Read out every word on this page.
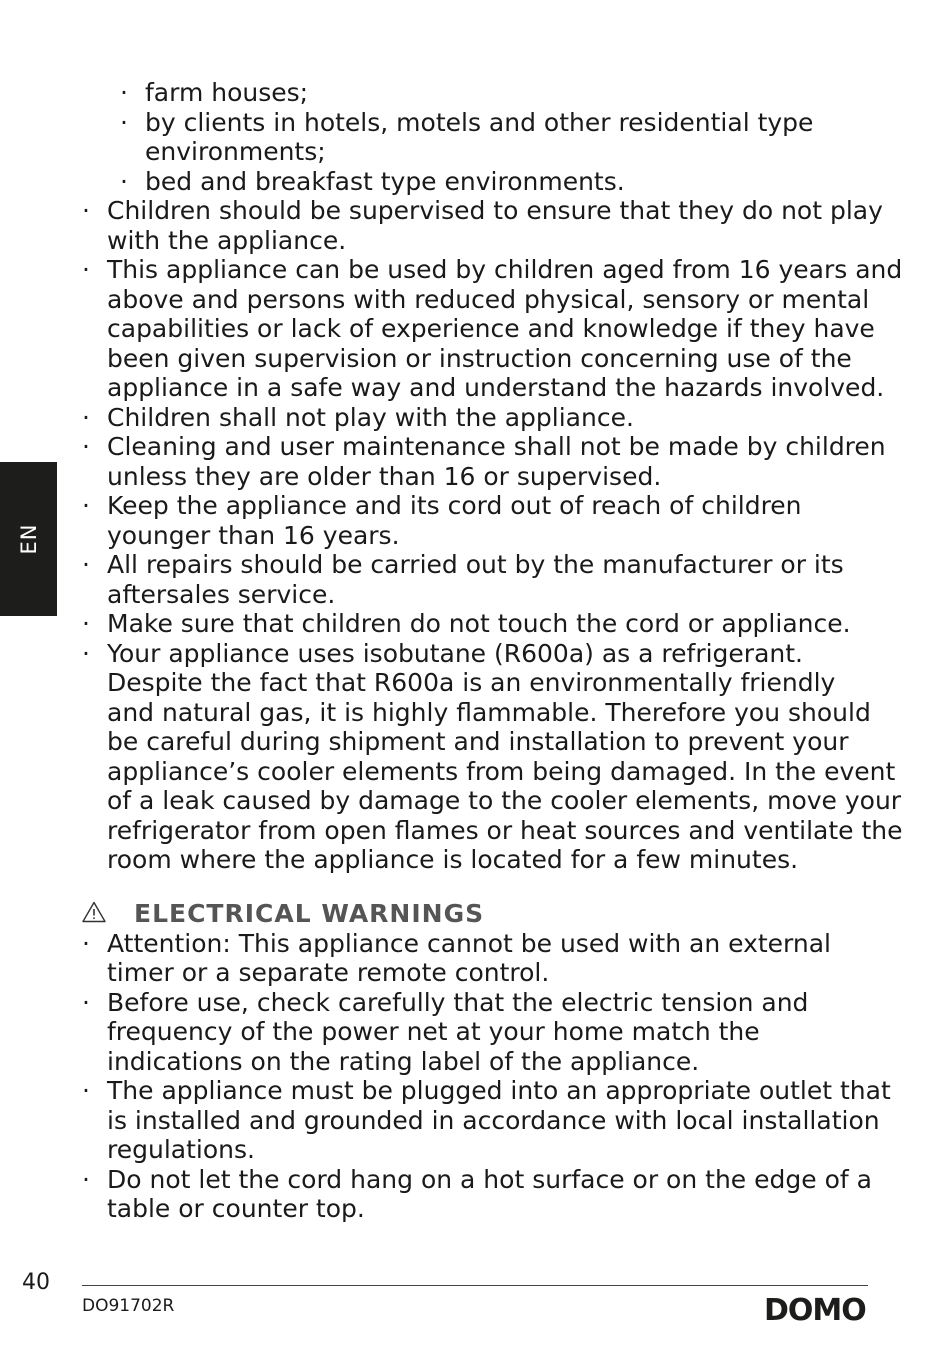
EN
· farm houses;
· by clients in hotels, motels and other residential type
environments;
· bed and breakfast type environments.
· Children should be supervised to ensure that they do not play
with the appliance.
· This appliance can be used by children aged from 16 years and
above and persons with reduced physical, sensory or mental
capabilities or lack of experience and knowledge if they have
been given supervision or instruction concerning use of the
appliance in a safe way and understand the hazards involved.
· Children shall not play with the appliance.
· Cleaning and user maintenance shall not be made by children
unless they are older than 16 or supervised.
· Keep the appliance and its cord out of reach of children
younger than 16 years.
· All repairs should be carried out by the manufacturer or its
aftersales service.
· Make sure that children do not touch the cord or appliance.
· Your appliance uses isobutane (R600a) as a refrigerant.
Despite the fact that R600a is an environmentally friendly
and natural gas, it is highly flammable. Therefore you should
be careful during shipment and installation to prevent your
appliance’s cooler elements from being damaged. In the event
of a leak caused by damage to the cooler elements, move your
refrigerator from open flames or heat sources and ventilate the
room where the appliance is located for a few minutes.
ELECTRICAL WARNINGS
· Attention: This appliance cannot be used with an external
timer or a separate remote control.
· Before use, check carefully that the electric tension and
frequency of the power net at your home match the
indications on the rating label of the appliance.
· The appliance must be plugged into an appropriate outlet that
is installed and grounded in accordance with local installation
regulations.
· Do not let the cord hang on a hot surface or on the edge of a
table or counter top.
40
DO91702R	DOMO
